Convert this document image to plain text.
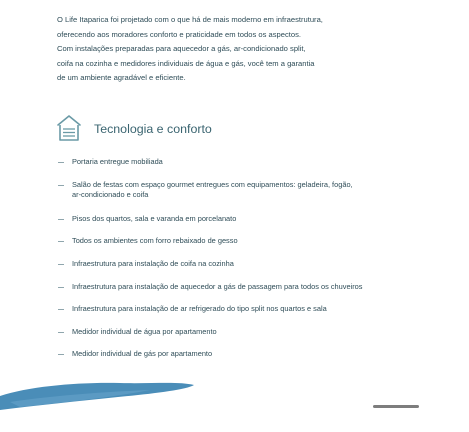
O Life Itaparica foi projetado com o que há de mais moderno em infraestrutura,
oferecendo aos moradores conforto e praticidade em todos os aspectos.
Com instalações preparadas para aquecedor a gás, ar-condicionado split,
coifa na cozinha e medidores individuais de água e gás, você tem a garantia
de um ambiente agradável e eficiente.

Tecnologia e conforto
Portaria entregue mobiliada
Salão de festas com espaço gourmet entregues com equipamentos: geladeira, fogão,
ar-condicionado e coifa
Pisos dos quartos, sala e varanda em porcelanato
Todos os ambientes com forro rebaixado de gesso
Infraestrutura para instalação de coifa na cozinha
Infraestrutura para instalação de aquecedor a gás de passagem para todos os chuveiros
Infraestrutura para instalação de ar refrigerado do tipo split nos quartos e sala
Medidor individual de água por apartamento
Medidor individual de gás por apartamento
